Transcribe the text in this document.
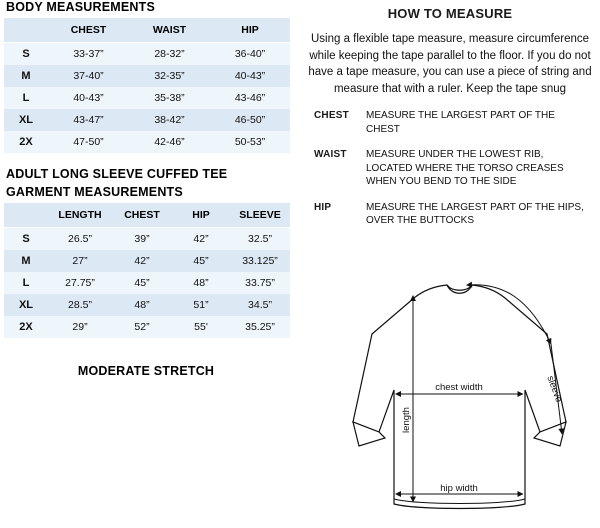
BODY MEASUREMENTS
	CHEST	WAIST	HIP
S	33-37”	28-32”	36-40”
M	37-40”	32-35”	40-43”
L	40-43”	35-38”	43-46”
XL	43-47”	38-42”	46-50”
2X	47-50”	42-46”	50-53”
ADULT LONG SLEEVE CUFFED TEE
GARMENT MEASUREMENTS
	LENGTH	CHEST	HIP	SLEEVE
S	26.5”	39”	42”	32.5”
M	27”	42”	45”	33.125”
L	27.75”	45”	48”	33.75”
XL	28.5”	48”	51”	34.5”
2X	29”	52”	55'	35.25”
MODERATE STRETCH
HOW TO MEASURE

Using a flexible tape measure, measure circumference while keeping the tape parallel to the floor. If you do not have a tape measure, you can use a piece of string and measure that with a ruler. Keep the tape snug

CHEST	MEASURE THE LARGEST PART OF THE CHEST
WAIST	MEASURE UNDER THE LOWEST RIB, LOCATED WHERE THE TORSO CREASES WHEN YOU BEND TO THE SIDE
HIP	MEASURE THE LARGEST PART OF THE HIPS, OVER THE BUTTOCKS
length
chest width
hip width
sleeve
